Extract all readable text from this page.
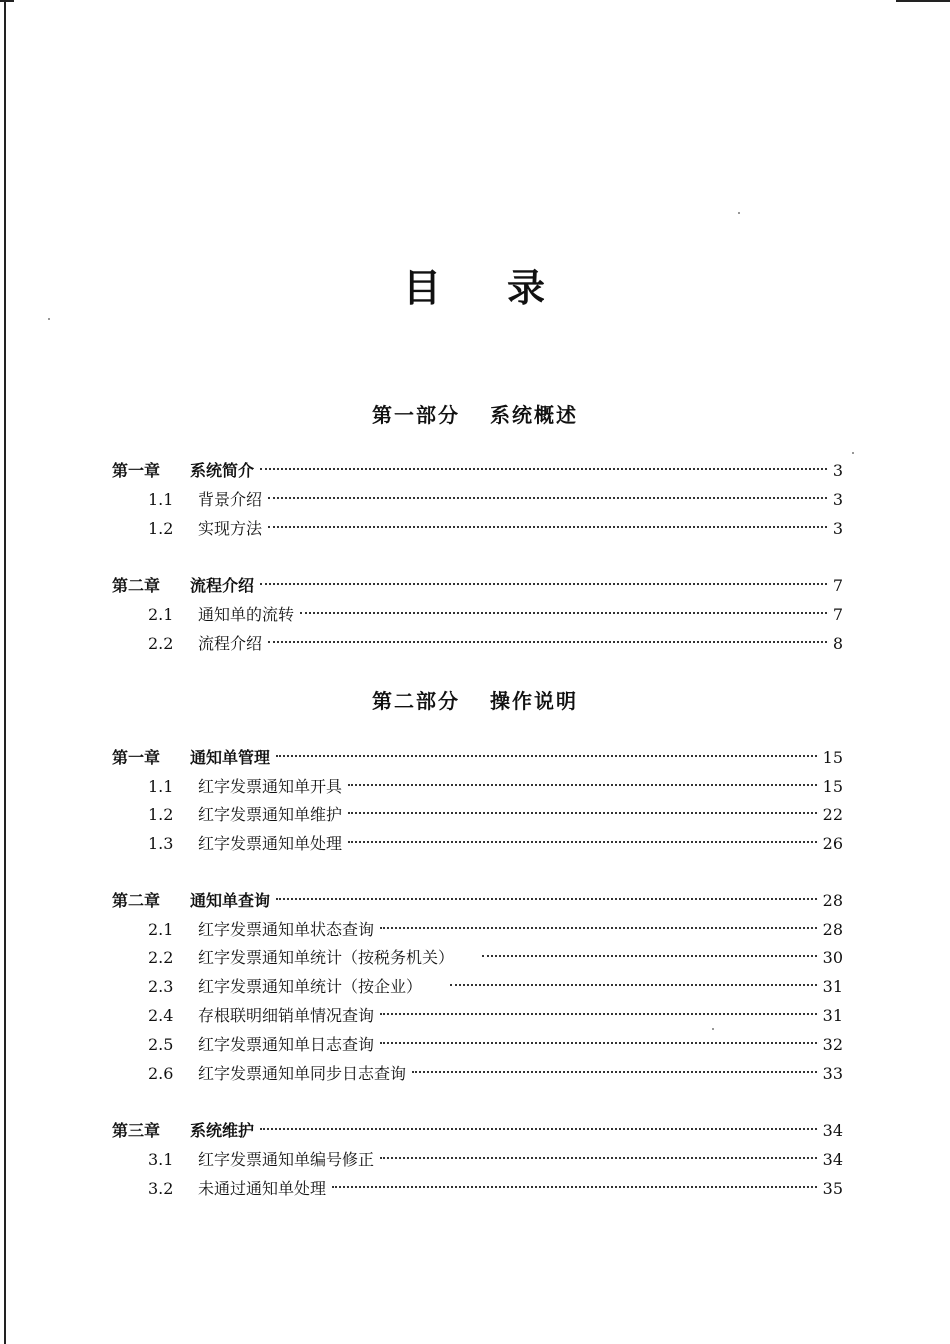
目 录
第一部分 系统概述
第一章	系统简介	3
1.1	背景介绍	3
1.2	实现方法	3
第二章	流程介绍	7
2.1	通知单的流转	7
2.2	流程介绍	8
第二部分 操作说明
第一章	通知单管理	15
1.1	红字发票通知单开具	15
1.2	红字发票通知单维护	22
1.3	红字发票通知单处理	26
第二章	通知单查询	28
2.1	红字发票通知单状态查询	28
2.2	红字发票通知单统计（按税务机关）	30
2.3	红字发票通知单统计（按企业）	31
2.4	存根联明细销单情况查询	31
2.5	红字发票通知单日志查询	32
2.6	红字发票通知单同步日志查询	33
第三章	系统维护	34
3.1	红字发票通知单编号修正	34
3.2	未通过通知单处理	35
